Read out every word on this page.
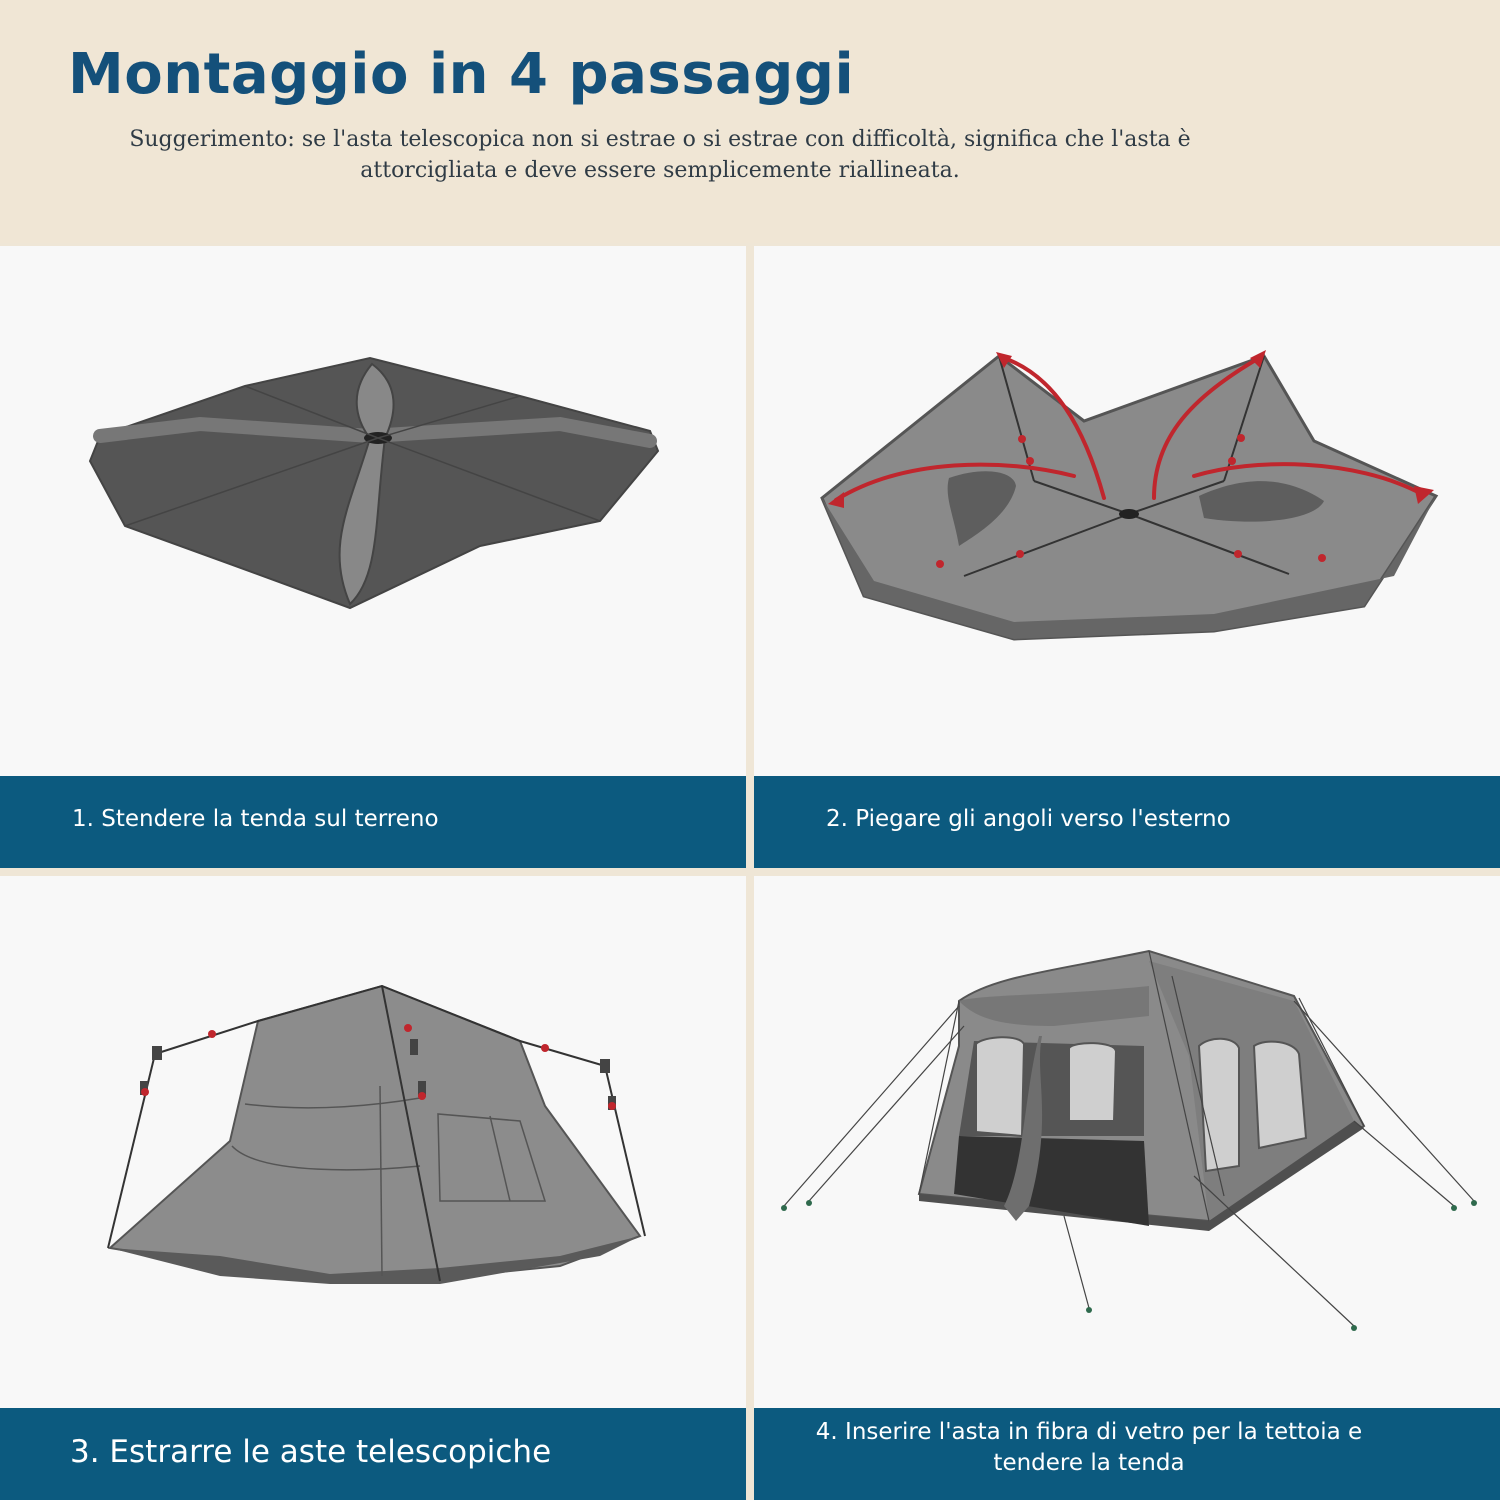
Montaggio in 4 passaggi

Suggerimento: se l'asta telescopica non si estrae o si estrae con difficoltà, significa che l'asta è attorcigliata e deve essere semplicemente riallineata.

1. Stendere la tenda sul terreno	2. Piegare gli angoli verso l'esterno
3. Estrarre le aste telescopiche
4. Inserire l'asta in fibra di vetro per la tettoia e tendere la tenda
